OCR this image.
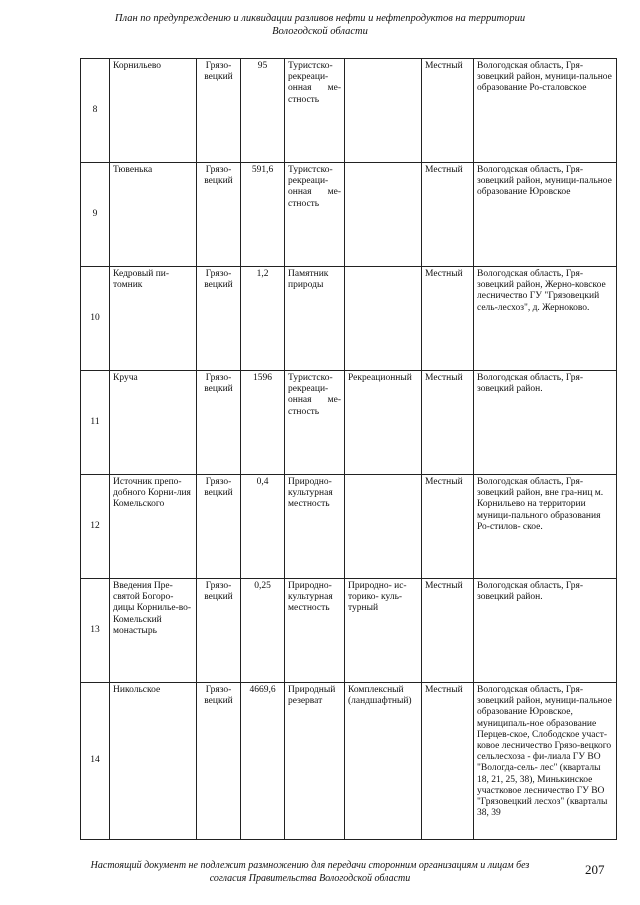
План по предупреждению и ликвидации разливов нефти и нефтепродуктов на территории
Вологодской области
8	Корнильево	Грязо-вецкий	95	Туристско-рекреаци-онная ме-стность		Местный	Вологодская область, Гря-зовецкий район, муници-пальное образование Ро-сталовское
9	Тювенька	Грязо-вецкий	591,6	Туристско-рекреаци-онная ме-стность		Местный	Вологодская область, Гря-зовецкий район, муници-пальное образование Юровское
10	Кедровый пи-томник	Грязо-вецкий	1,2	Памятник природы		Местный	Вологодская область, Гря-зовецкий район, Жерно-ковское лесничество ГУ "Грязовецкий сель-лесхоз", д. Жерноково.
11	Круча	Грязо-вецкий	1596	Туристско-рекреаци-онная ме-стность	Рекреационный	Местный	Вологодская область, Гря-зовецкий район.
12	Источник препо-добного Корни-лия Комельского	Грязо-вецкий	0,4	Природно-культурная местность		Местный	Вологодская область, Гря-зовецкий район, вне гра-ниц м. Корнильево на территории муници-пального образования Ро-стилов- ское.
13	Введения Пре-святой Богоро-дицы Корнилье-во- Комельский монастырь	Грязо-вецкий	0,25	Природно-культурная местность	Природно- ис-торико- куль-турный	Местный	Вологодская область, Гря-зовецкий район.
14	Никольское	Грязо-вецкий	4669,6	Природный резерват	Комплексный (ландшафтный)	Местный	Вологодская область, Гря-зовецкий район, муници-пальное образование Юровское, муниципаль-ное образование Перцев-ское, Слободское участ-ковое лесничество Грязо-вецкого сельлесхоза - фи-лиала ГУ ВО "Вологда-сель- лес" (кварталы 18, 21, 25, 38), Минькинское участковое лесничество ГУ ВО "Грязовецкий лесхоз" (кварталы 38, 39
Настоящий документ не подлежит размножению для передачи сторонним организациям и лицам без
согласия Правительства Вологодской области
207
